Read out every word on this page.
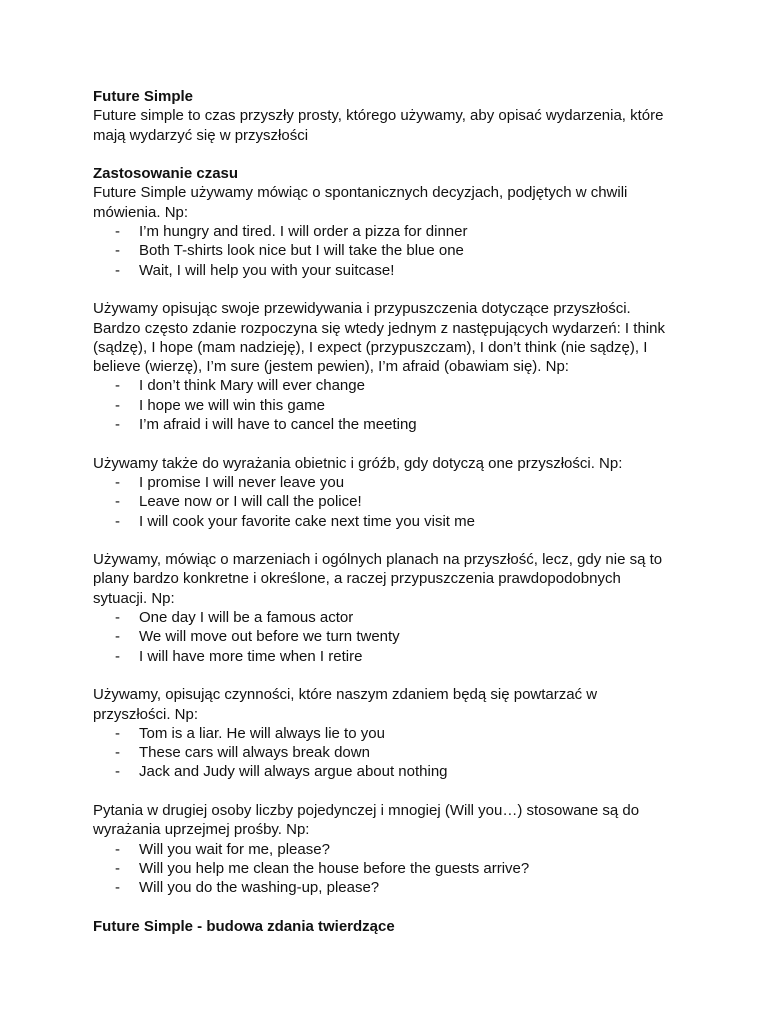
Future Simple

Future simple to czas przyszły prosty, którego używamy, aby opisać wydarzenia, które mają wydarzyć się w przyszłości

Zastosowanie czasu

Future Simple używamy mówiąc o spontanicznych decyzjach, podjętych w chwili mówienia. Np:

- I’m hungry and tired. I will order a pizza for dinner
- Both T-shirts look nice but I will take the blue one
- Wait, I will help you with your suitcase!

Używamy opisując swoje przewidywania i przypuszczenia dotyczące przyszłości. Bardzo często zdanie rozpoczyna się wtedy jednym z następujących wydarzeń: I think (sądzę), I hope (mam nadzieję), I expect (przypuszczam), I don’t think (nie sądzę), I believe (wierzę), I’m sure (jestem pewien), I’m afraid (obawiam się). Np:

- I don’t think Mary will ever change
- I hope we will win this game
- I’m afraid i will have to cancel the meeting

Używamy także do wyrażania obietnic i gróźb, gdy dotyczą one przyszłości. Np:

- I promise I will never leave you
- Leave now or I will call the police!
- I will cook your favorite cake next time you visit me

Używamy, mówiąc o marzeniach i ogólnych planach na przyszłość, lecz, gdy nie są to plany bardzo konkretne i określone, a raczej przypuszczenia prawdopodobnych sytuacji. Np:

- One day I will be a famous actor
- We will move out before we turn twenty
- I will have more time when I retire

Używamy, opisując czynności, które naszym zdaniem będą się powtarzać w przyszłości. Np:

- Tom is a liar. He will always lie to you
- These cars will always break down
- Jack and Judy will always argue about nothing

Pytania w drugiej osoby liczby pojedynczej i mnogiej (Will you…) stosowane są do wyrażania uprzejmej prośby. Np:

- Will you wait for me, please?
- Will you help me clean the house before the guests arrive?
- Will you do the washing-up, please?

Future Simple - budowa zdania twierdzące
